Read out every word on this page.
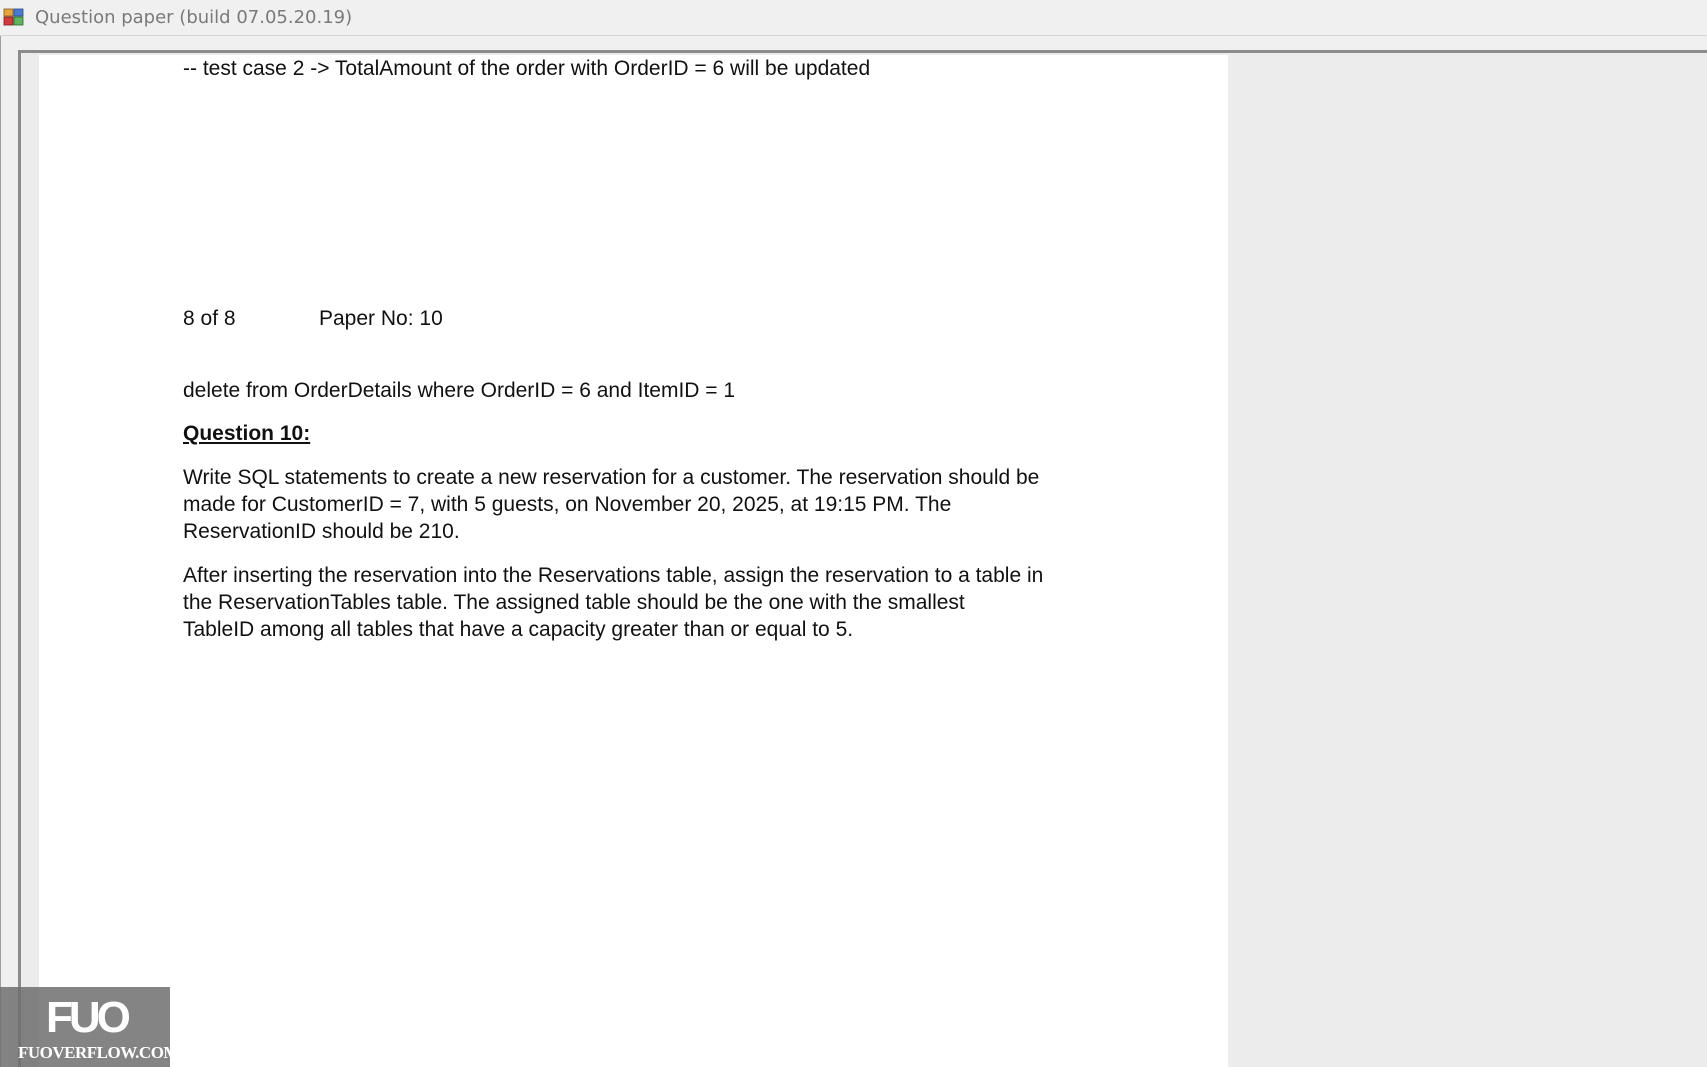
Question paper (build 07.05.20.19)
-- test case 2 -> TotalAmount of the order with OrderID = 6 will be updated
8 of 8	Paper No: 10
delete from OrderDetails where OrderID = 6 and ItemID = 1
Question 10:
Write SQL statements to create a new reservation for a customer. The reservation should be
made for CustomerID = 7, with 5 guests, on November 20, 2025, at 19:15 PM. The
ReservationID should be 210.
After inserting the reservation into the Reservations table, assign the reservation to a table in
the ReservationTables table. The assigned table should be the one with the smallest
TableID among all tables that have a capacity greater than or equal to 5.
FUO
FUOVERFLOW.COM
